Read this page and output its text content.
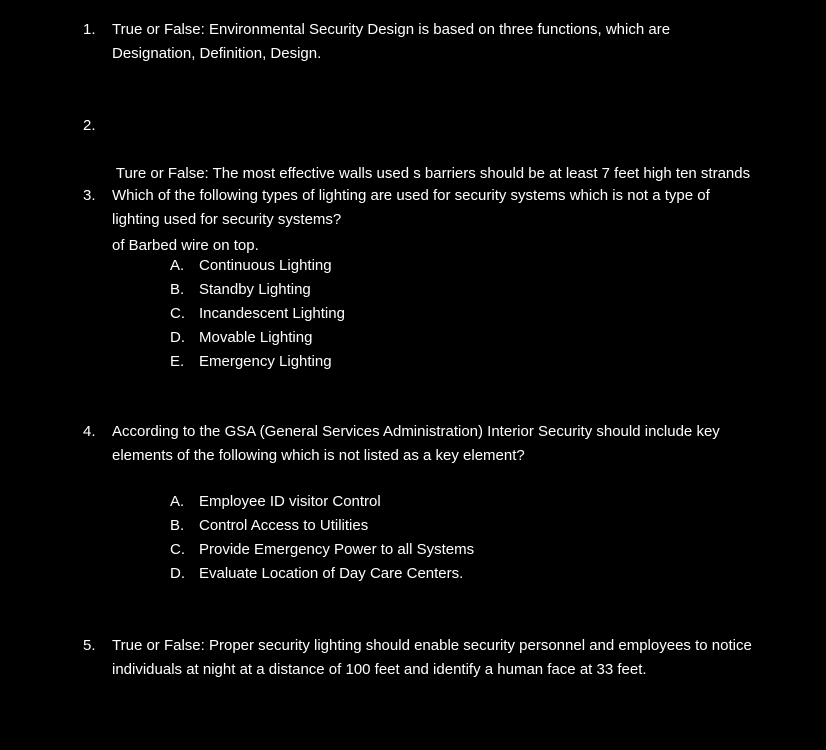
1. True or False: Environmental Security Design is based on three functions, which are
Designation, Definition, Design.
2.

Ture or False: The most effective walls used s barriers should be at least 7 feet high ten strands

of Barbed wire on top.

3. Which of the following types of lighting are used for security systems which is not a type of
lighting used for security systems?
A. Continuous Lighting
B. Standby Lighting
C. Incandescent Lighting
D. Movable Lighting
E. Emergency Lighting
4. According to the GSA (General Services Administration) Interior Security should include key
elements of the following which is not listed as a key element?
A. Employee ID visitor Control
B. Control Access to Utilities
C. Provide Emergency Power to all Systems
D. Evaluate Location of Day Care Centers.
5. True or False: Proper security lighting should enable security personnel and employees to notice
individuals at night at a distance of 100 feet and identify a human face at 33 feet.
